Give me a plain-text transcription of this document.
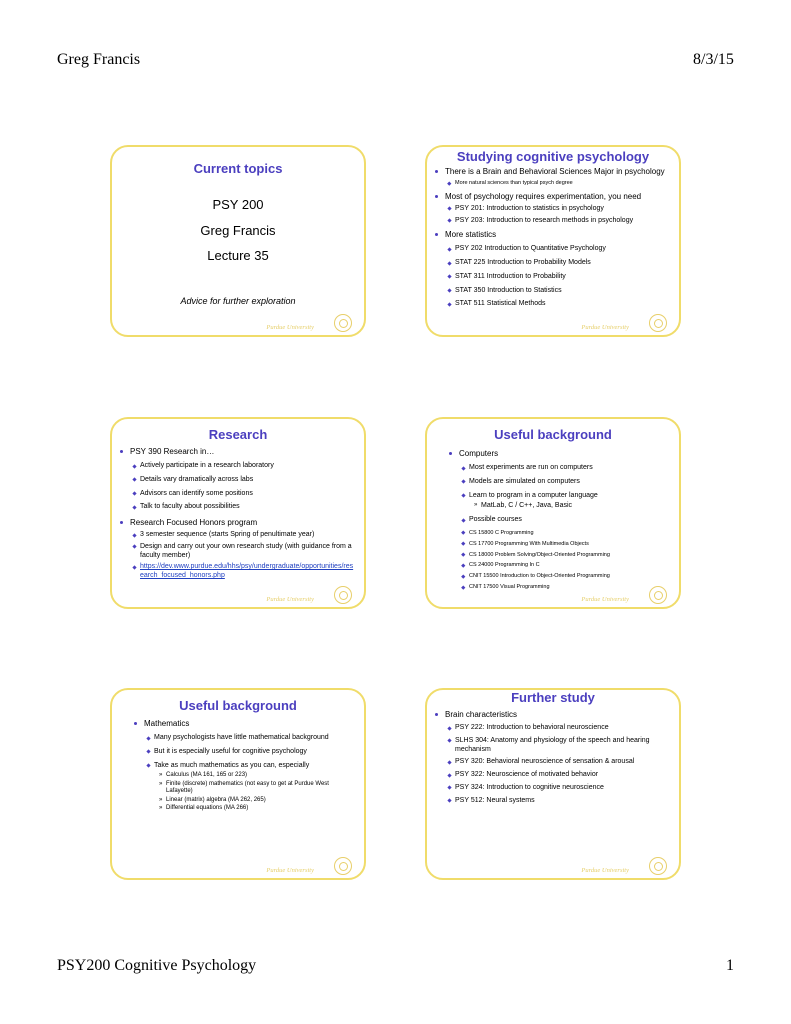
Greg Francis	8/3/15
Current topics
PSY 200
Greg Francis
Lecture 35
Advice for further exploration
Purdue University
Studying cognitive psychology
There is a Brain and Behavioral Sciences Major in psychology
More natural sciences than typical psych degree
Most of psychology requires experimentation, you need
PSY 201: Introduction to statistics in psychology
PSY 203: Introduction to research methods in psychology
More statistics
PSY 202 Introduction to Quantitative Psychology
STAT 225 Introduction to Probability Models
STAT 311 Introduction to Probability
STAT 350 Introduction to Statistics
STAT 511 Statistical Methods
Purdue University
Research
PSY 390 Research in…
Actively participate in a research laboratory
Details vary dramatically across labs
Advisors can identify some positions
Talk to faculty about possibilities
Research Focused Honors program
3 semester sequence (starts Spring of penultimate year)
Design and carry out your own research study (with guidance from a faculty member)
https://dev.www.purdue.edu/hhs/psy/undergraduate/opportunities/research_focused_honors.php
Purdue University
Useful background
Computers
Most experiments are run on computers
Models are simulated on computers
Learn to program in a computer language
» MatLab, C / C++, Java, Basic
Possible courses
CS 15800 C Programming
CS 17700 Programming With Multimedia Objects
CS 18000 Problem Solving/Object-Oriented Programming
CS 24000 Programming In C
CNIT 15500 Introduction to Object-Oriented Programming
CNIT 17500 Visual Programming
Purdue University
Useful background
Mathematics
Many psychologists have little mathematical background
But it is especially useful for cognitive psychology
Take as much mathematics as you can, especially
» Calculus (MA 161, 165 or 223)
» Finite (discrete) mathematics (not easy to get at Purdue West Lafayette)
» Linear (matrix) algebra (MA 262, 265)
» Differential equations (MA 266)
Purdue University
Further study
Brain characteristics
PSY 222: Introduction to behavioral neuroscience
SLHS 304: Anatomy and physiology of the speech and hearing mechanism
PSY 320: Behavioral neuroscience of sensation & arousal
PSY 322: Neuroscience of motivated behavior
PSY 324: Introduction to cognitive neuroscience
PSY 512: Neural systems
Purdue University
PSY200 Cognitive Psychology	1
